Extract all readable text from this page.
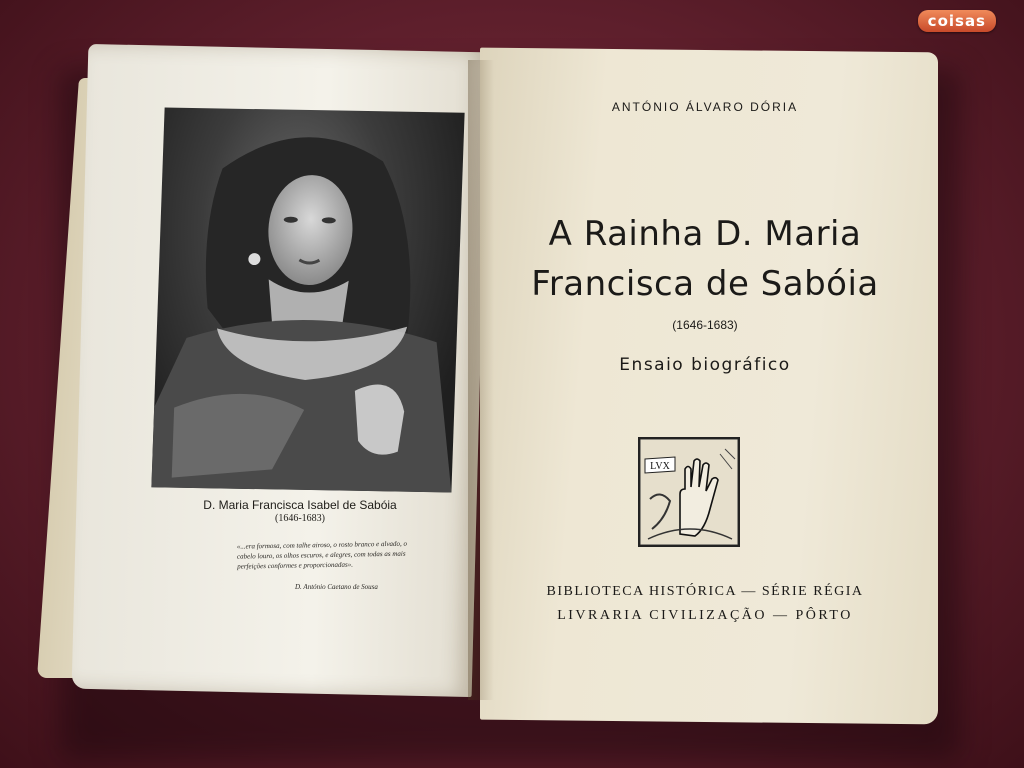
coisas
D. Maria Francisca Isabel de Sabóia
(1646-1683)
«...era formosa, com talhe airoso, o rosto branco e alvado, o cabelo louro, os olhos escuros, e alegres, com todas as mais perfeições conformes e proporcionadas».
D. António Caetano de Sousa
ANTÓNIO ÁLVARO DÓRIA
A Rainha D. Maria
Francisca de Sabóia
(1646-1683)
Ensaio biográfico
LVX
BIBLIOTECA HISTÓRICA — SÉRIE RÉGIA
LIVRARIA CIVILIZAÇÃO — PÔRTO
